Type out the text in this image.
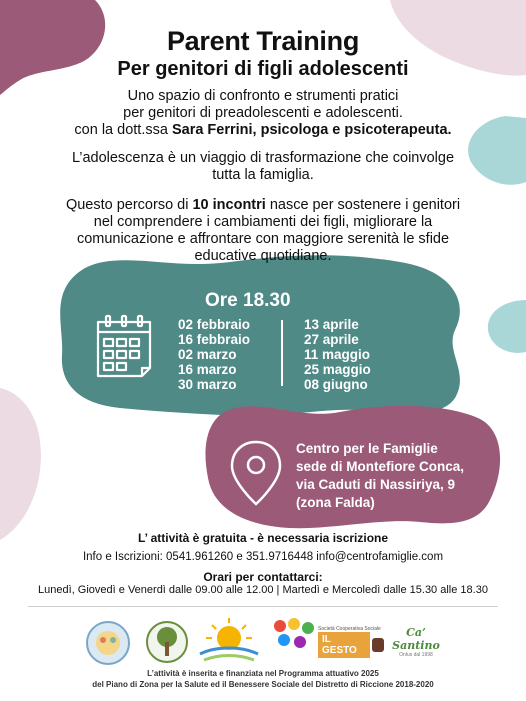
Parent Training
Per genitori di figli adolescenti
Uno spazio di confronto e strumenti pratici
per genitori di preadolescenti e adolescenti.
con la dott.ssa Sara Ferrini, psicologa e psicoterapeuta.
L’adolescenza è un viaggio di trasformazione che coinvolge
tutta la famiglia.
Questo percorso di 10 incontri nasce per sostenere i genitori
nel comprendere i cambiamenti dei figli, migliorare la
comunicazione e affrontare con maggiore serenità le sfide
educative quotidiane.
Ore 18.30
02 febbraio
16 febbraio
02 marzo
16 marzo
30 marzo
13 aprile
27 aprile
11 maggio
25 maggio
08 giugno
Centro per le Famiglie
sede di Montefiore Conca,
via Caduti di Nassiriya, 9
(zona Falda)
L’ attività è gratuita - è necessaria iscrizione
Info e Iscrizioni: 0541.961260 e 351.9716448 info@centrofamiglie.com
Orari per contattarci:
Lunedì, Giovedì e Venerdì dalle 09.00 alle 12.00 | Martedì e Mercoledì dalle 15.30 alle 18.30
Società Cooperativa Sociale
IL GESTO
Ca’ Santino
Onlus dal 1998
L’attività è inserita e finanziata nel Programma attuativo 2025
del Piano di Zona per la Salute ed il Benessere Sociale del Distretto di Riccione 2018-2020
